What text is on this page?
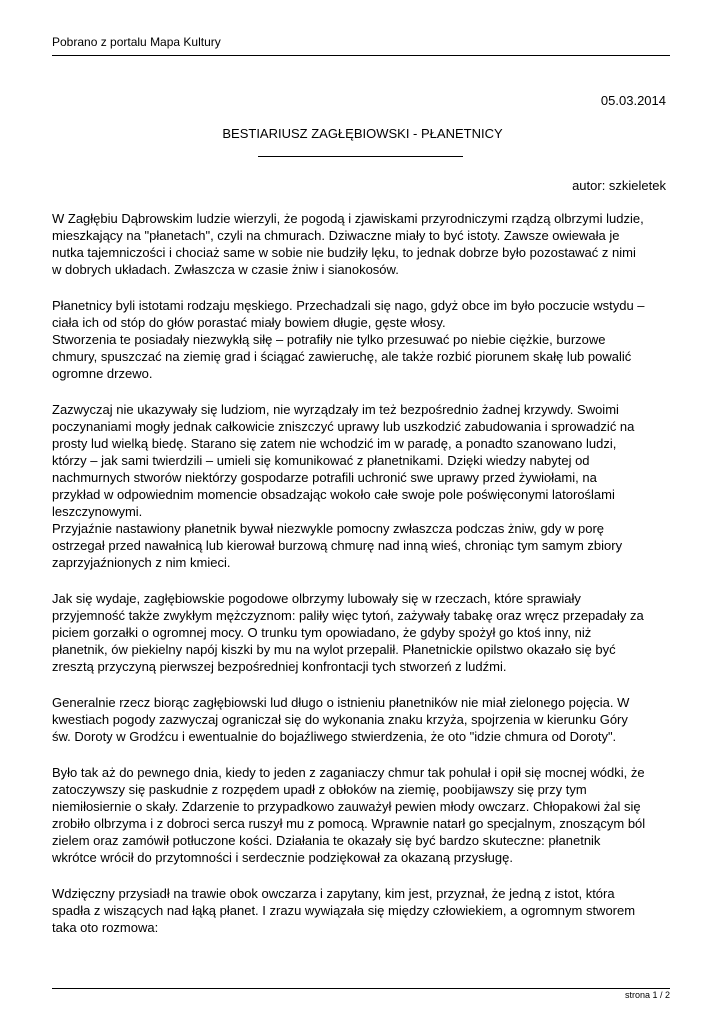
Pobrano z portalu Mapa Kultury
05.03.2014
BESTIARIUSZ ZAGŁĘBIOWSKI - PŁANETNICY
autor: szkieletek
W Zagłębiu Dąbrowskim ludzie wierzyli, że pogodą i zjawiskami przyrodniczymi rządzą olbrzymi ludzie,
mieszkający na "płanetach", czyli na chmurach. Dziwaczne miały to być istoty. Zawsze owiewała je
nutka tajemniczości i chociaż same w sobie nie budziły lęku, to jednak dobrze było pozostawać z nimi
w dobrych układach. Zwłaszcza w czasie żniw i sianokosów.
Płanetnicy byli istotami rodzaju męskiego. Przechadzali się nago, gdyż obce im było poczucie wstydu –
ciała ich od stóp do głów porastać miały bowiem długie, gęste włosy.
Stworzenia te posiadały niezwykłą siłę – potrafiły nie tylko przesuwać po niebie ciężkie, burzowe
chmury, spuszczać na ziemię grad i ściągać zawieruchę, ale także rozbić piorunem skałę lub powalić
ogromne drzewo.
Zazwyczaj nie ukazywały się ludziom, nie wyrządzały im też bezpośrednio żadnej krzywdy. Swoimi
poczynaniami mogły jednak całkowicie zniszczyć uprawy lub uszkodzić zabudowania i sprowadzić na
prosty lud wielką biedę. Starano się zatem nie wchodzić im w paradę, a ponadto szanowano ludzi,
którzy – jak sami twierdzili – umieli się komunikować z płanetnikami. Dzięki wiedzy nabytej od
nachmurnych stworów niektórzy gospodarze potrafili uchronić swe uprawy przed żywiołami, na
przykład w odpowiednim momencie obsadzając wokoło całe swoje pole poświęconymi latoroślami
leszczynowymi.
Przyjaźnie nastawiony płanetnik bywał niezwykle pomocny zwłaszcza podczas żniw, gdy w porę
ostrzegał przed nawałnicą lub kierował burzową chmurę nad inną wieś, chroniąc tym samym zbiory
zaprzyjaźnionych z nim kmieci.
Jak się wydaje, zagłębiowskie pogodowe olbrzymy lubowały się w rzeczach, które sprawiały
przyjemność także zwykłym mężczyznom: paliły więc tytoń, zażywały tabakę oraz wręcz przepadały za
piciem gorzałki o ogromnej mocy. O trunku tym opowiadano, że gdyby spożył go ktoś inny, niż
płanetnik, ów piekielny napój kiszki by mu na wylot przepalił. Płanetnickie opilstwo okazało się być
zresztą przyczyną pierwszej bezpośredniej konfrontacji tych stworzeń z ludźmi.
Generalnie rzecz biorąc zagłębiowski lud długo o istnieniu płanetników nie miał zielonego pojęcia. W
kwestiach pogody zazwyczaj ograniczał się do wykonania znaku krzyża, spojrzenia w kierunku Góry
św. Doroty w Grodźcu i ewentualnie do bojaźliwego stwierdzenia, że oto "idzie chmura od Doroty".
Było tak aż do pewnego dnia, kiedy to jeden z zaganiaczy chmur tak pohulał i opił się mocnej wódki, że
zatoczywszy się paskudnie z rozpędem upadł z obłoków na ziemię, poobijawszy się przy tym
niemiłosiernie o skały. Zdarzenie to przypadkowo zauważył pewien młody owczarz. Chłopakowi żal się
zrobiło olbrzyma i z dobroci serca ruszył mu z pomocą. Wprawnie natarł go specjalnym, znoszącym ból
zielem oraz zamówił potłuczone kości. Działania te okazały się być bardzo skuteczne: płanetnik
wkrótce wrócił do przytomności i serdecznie podziękował za okazaną przysługę.
Wdzięczny przysiadł na trawie obok owczarza i zapytany, kim jest, przyznał, że jedną z istot, która
spadła z wiszących nad łąką płanet. I zrazu wywiązała się między człowiekiem, a ogromnym stworem
taka oto rozmowa:
strona 1 / 2
